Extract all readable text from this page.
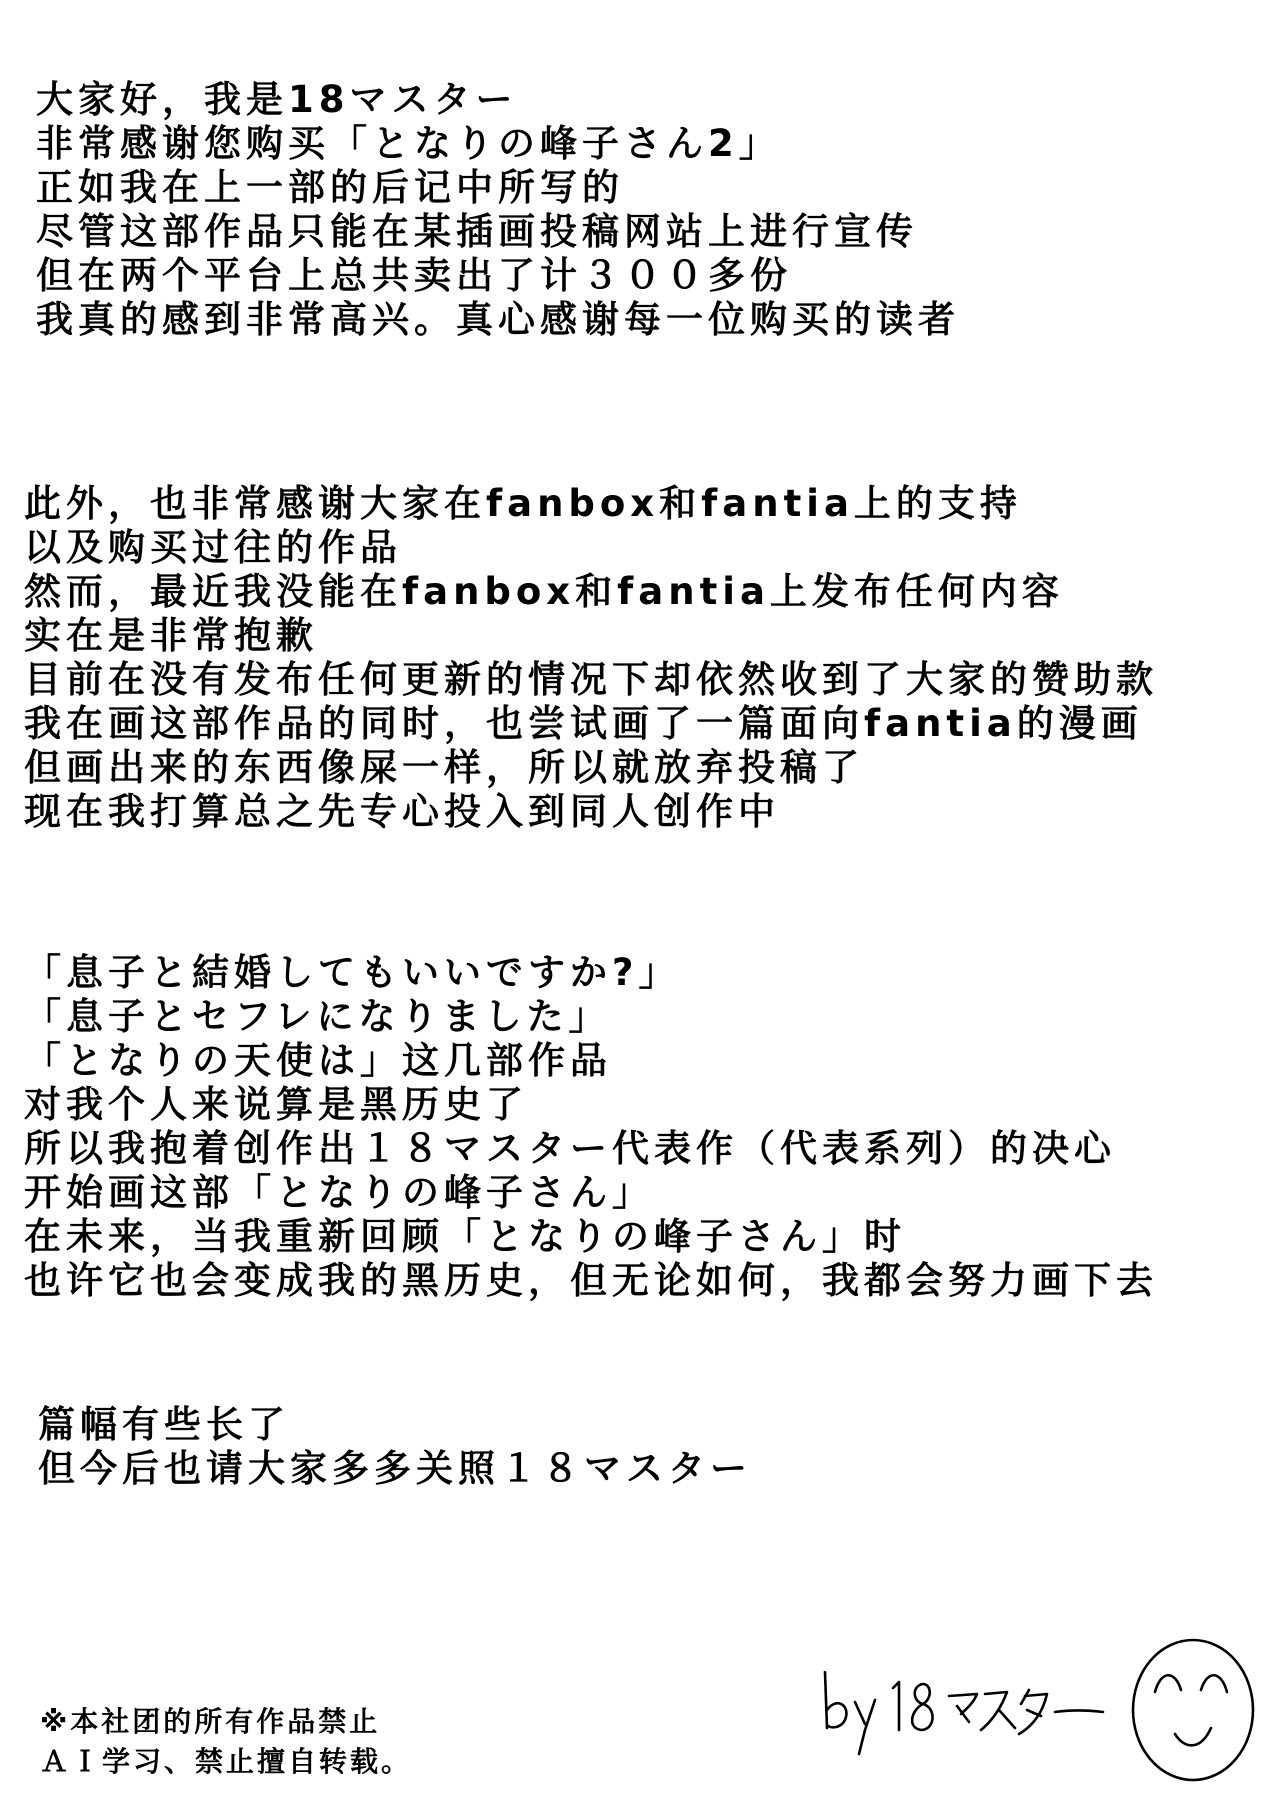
大家好，我是18マスター
非常感谢您购买「となりの峰子さん2」
正如我在上一部的后记中所写的
尽管这部作品只能在某插画投稿网站上进行宣传
但在两个平台上总共卖出了计３００多份
我真的感到非常高兴。真心感谢每一位购买的读者
此外，也非常感谢大家在fanbox和fantia上的支持
以及购买过往的作品
然而，最近我没能在fanbox和fantia上发布任何内容
实在是非常抱歉
目前在没有发布任何更新的情况下却依然收到了大家的赞助款
我在画这部作品的同时，也尝试画了一篇面向fantia的漫画
但画出来的东西像屎一样，所以就放弃投稿了
现在我打算总之先专心投入到同人创作中
「息子と結婚してもいいですか?」
「息子とセフレになりました」
「となりの天使は」这几部作品
对我个人来说算是黑历史了
所以我抱着创作出１８マスター代表作（代表系列）的决心
开始画这部「となりの峰子さん」
在未来，当我重新回顾「となりの峰子さん」时
也许它也会变成我的黑历史，但无论如何，我都会努力画下去
篇幅有些长了
但今后也请大家多多关照１８マスター
※本社团的所有作品禁止
ＡＩ学习、禁止擅自转载。
